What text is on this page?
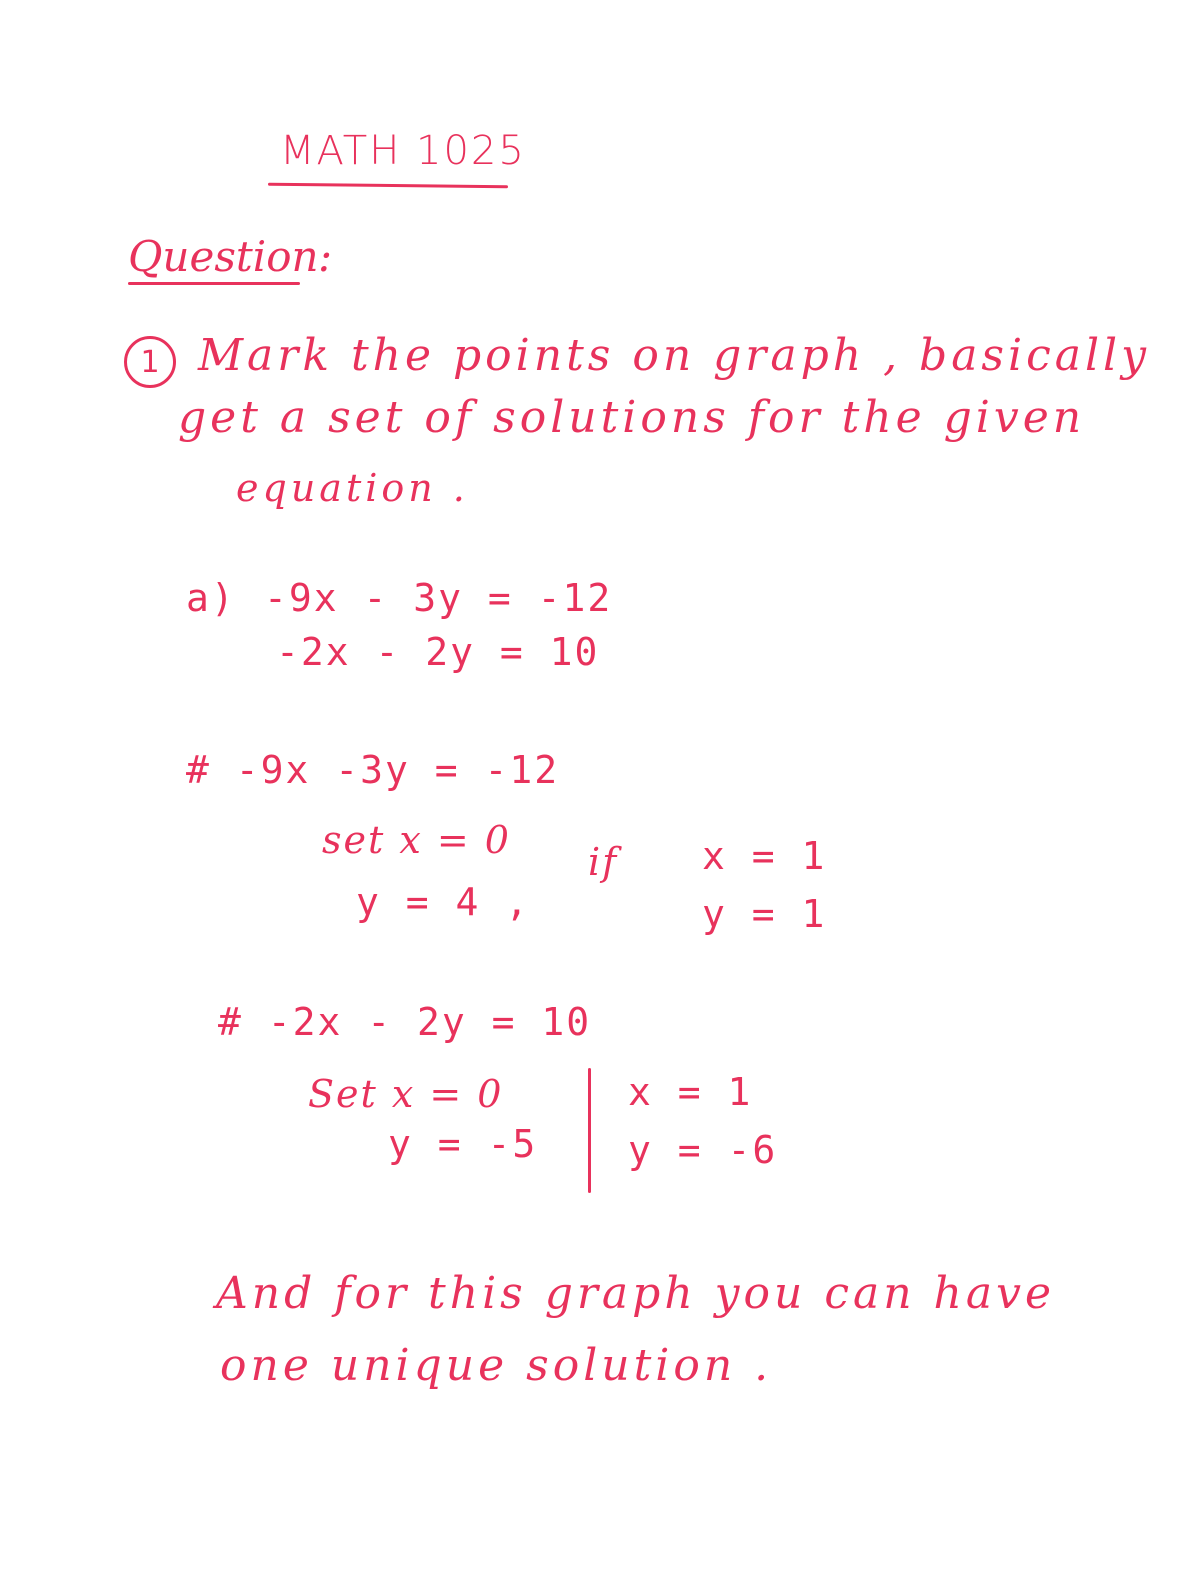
MATH 1025
Question :
1 Mark the points on graph , basically
get a set of solutions for the given
equation .
a) -9x - 3y = -12
-2x - 2y = 10
# -9x -3y = -12
set x = 0
y = 4 ,
if x = 1
y = 1
# -2x - 2y = 10
Set x = 0
y = -5
x = 1
y = -6
And for this graph you can have
one unique solution .
